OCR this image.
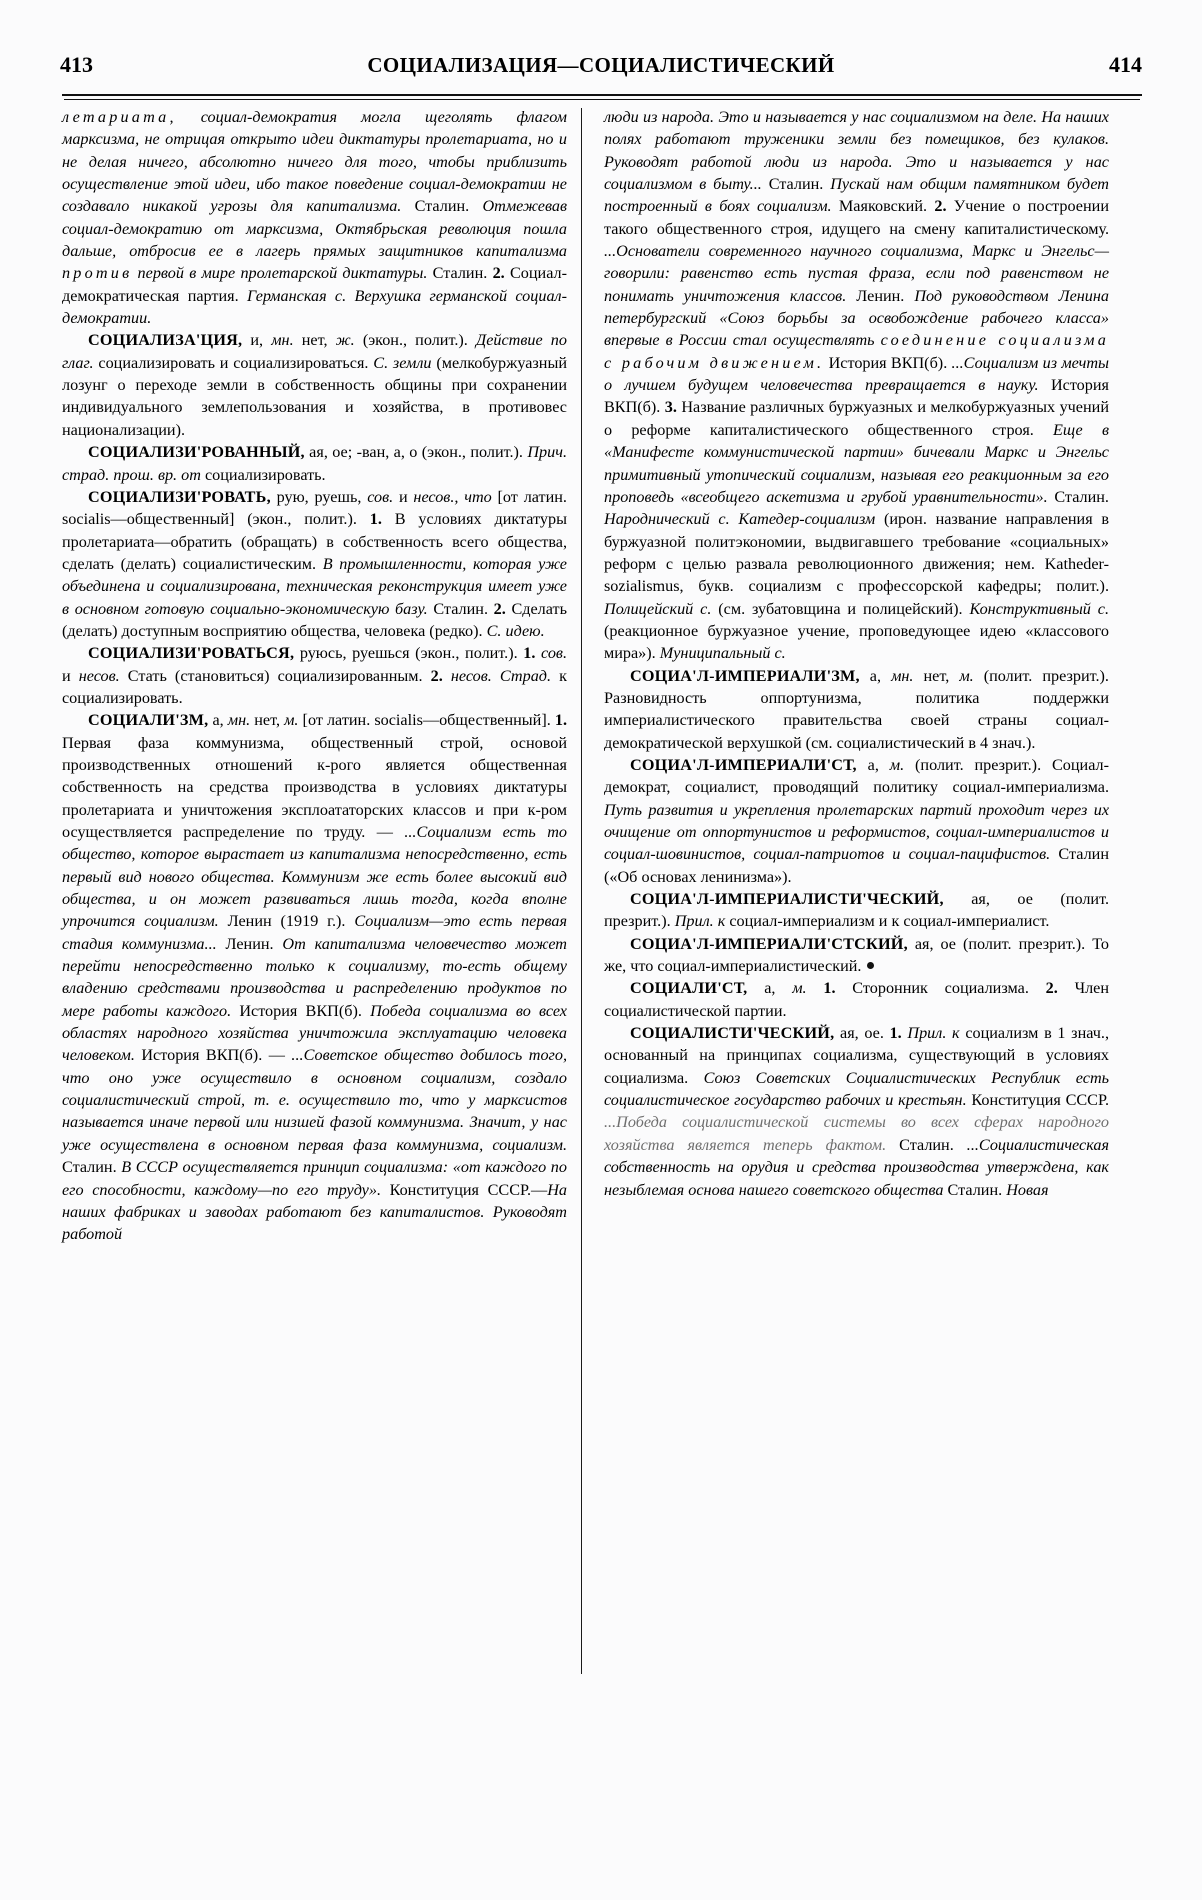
413	СОЦИАЛИЗАЦИЯ—СОЦИАЛИСТИЧЕСКИЙ	414

летариата, социал-демократия могла щеголять флагом марксизма, не отрицая открыто идеи диктатуры пролетариата, но и не делая ничего, абсолютно ничего для того, чтобы приблизить осуществление этой идеи, ибо такое поведение социал-демократии не создавало никакой угрозы для капитализма. Сталин. Отмежевав социал-демократию от марксизма, Октябрьская революция пошла дальше, отбросив ее в лагерь прямых защитников капитализма против первой в мире пролетарской диктатуры. Сталин. 2. Социал-демократическая партия. Германская с. Верхушка германской социал-демократии.

СОЦИАЛИЗА'ЦИЯ, и, мн. нет, ж. (экон., полит.). Действие по глаг. социализировать и социализироваться. С. земли (мелкобуржуазный лозунг о переходе земли в собственность общины при сохранении индивидуального землепользования и хозяйства, в противовес национализации).

СОЦИАЛИЗИ'РОВАННЫЙ, ая, ое; -ван, а, о (экон., полит.). Прич. страд. прош. вр. от социализировать.

СОЦИАЛИЗИ'РОВАТЬ, рую, руешь, сов. и несов., что [от латин. socialis—общественный] (экон., полит.). 1. В условиях диктатуры пролетариата—обратить (обращать) в собственность всего общества, сделать (делать) социалистическим. В промышленности, которая уже объединена и социализирована, техническая реконструкция имеет уже в основном готовую социально-экономическую базу. Сталин. 2. Сделать (делать) доступным восприятию общества, человека (редко). С. идею.

СОЦИАЛИЗИ'РОВАТЬСЯ, руюсь, руешься (экон., полит.). 1. сов. и несов. Стать (становиться) социализированным. 2. несов. Страд. к социализировать.

СОЦИАЛИ'ЗМ, а, мн. нет, м. [от латин. socialis—общественный]. 1. Первая фаза коммунизма, общественный строй, основой производственных отношений к-рого является общественная собственность на средства производства в условиях диктатуры пролетариата и уничтожения эксплоататорских классов и при к-ром осуществляется распределение по труду. — ...Социализм есть то общество, которое вырастает из капитализма непосредственно, есть первый вид нового общества. Коммунизм же есть более высокий вид общества, и он может развиваться лишь тогда, когда вполне упрочится социализм. Ленин (1919 г.). Социализм—это есть первая стадия коммунизма... Ленин. От капитализма человечество может перейти непосредственно только к социализму, то-есть общему владению средствами производства и распределению продуктов по мере работы каждого. История ВКП(б). Победа социализма во всех областях народного хозяйства уничтожила эксплуатацию человека человеком. История ВКП(б). — ...Советское общество добилось того, что оно уже осуществило в основном социализм, создало социалистический строй, т. е. осуществило то, что у марксистов называется иначе первой или низшей фазой коммунизма. Значит, у нас уже осуществлена в основном первая фаза коммунизма, социализм. Сталин. В СССР осуществляется принцип социализма: «от каждого по его способности, каждому—по его труду». Конституция СССР.—На наших фабриках и заводах работают без капиталистов. Руководят работой

люди из народа. Это и называется у нас социализмом на деле. На наших полях работают труженики земли без помещиков, без кулаков. Руководят работой люди из народа. Это и называется у нас социализмом в быту... Сталин. Пускай нам общим памятником будет построенный в боях социализм. Маяковский. 2. Учение о построении такого общественного строя, идущего на смену капиталистическому. ...Основатели современного научного социализма, Маркс и Энгельс—говорили: равенство есть пустая фраза, если под равенством не понимать уничтожения классов. Ленин. Под руководством Ленина петербургский «Союз борьбы за освобождение рабочего класса» впервые в России стал осуществлять соединение социализма с рабочим движением. История ВКП(б). ...Социализм из мечты о лучшем будущем человечества превращается в науку. История ВКП(б). 3. Название различных буржуазных и мелкобуржуазных учений о реформе капиталистического общественного строя. Еще в «Манифесте коммунистической партии» бичевали Маркс и Энгельс примитивный утопический социализм, называя его реакционным за его проповедь «всеобщего аскетизма и грубой уравнительности». Сталин. Народнический с. Катедер-социализм (ирон. название направления в буржуазной политэкономии, выдвигавшего требование «социальных» реформ с целью развала революционного движения; нем. Katheder-sozialismus, букв. социализм с профессорской кафедры; полит.). Полицейский с. (см. зубатовщина и полицейский). Конструктивный с. (реакционное буржуазное учение, проповедующее идею «классового мира»). Муниципальный с.

СОЦИА'Л-ИМПЕРИАЛИ'ЗМ, а, мн. нет, м. (полит. презрит.). Разновидность оппортунизма, политика поддержки империалистического правительства своей страны социал-демократической верхушкой (см. социалистический в 4 знач.).

СОЦИА'Л-ИМПЕРИАЛИ'СТ, а, м. (полит. презрит.). Социал-демократ, социалист, проводящий политику социал-империализма. Путь развития и укрепления пролетарских партий проходит через их очищение от оппортунистов и реформистов, социал-империалистов и социал-шовинистов, социал-патриотов и социал-пацифистов. Сталин («Об основах ленинизма»).

СОЦИА'Л-ИМПЕРИАЛИСТИ'ЧЕСКИЙ, ая, ое (полит. презрит.). Прил. к социал-империализм и к социал-империалист.

СОЦИА'Л-ИМПЕРИАЛИ'СТСКИЙ, ая, ое (полит. презрит.). То же, что социал-империалистический.

СОЦИАЛИ'СТ, а, м. 1. Сторонник социализма. 2. Член социалистической партии.

СОЦИАЛИСТИ'ЧЕСКИЙ, ая, ое. 1. Прил. к социализм в 1 знач., основанный на принципах социализма, существующий в условиях социализма. Союз Советских Социалистических Республик есть социалистическое государство рабочих и крестьян. Конституция СССР. ...Победа социалистической системы во всех сферах народного хозяйства является теперь фактом. Сталин. ...Социалистическая собственность на орудия и средства производства утверждена, как незыблемая основа нашего советского общества Сталин. Новая
